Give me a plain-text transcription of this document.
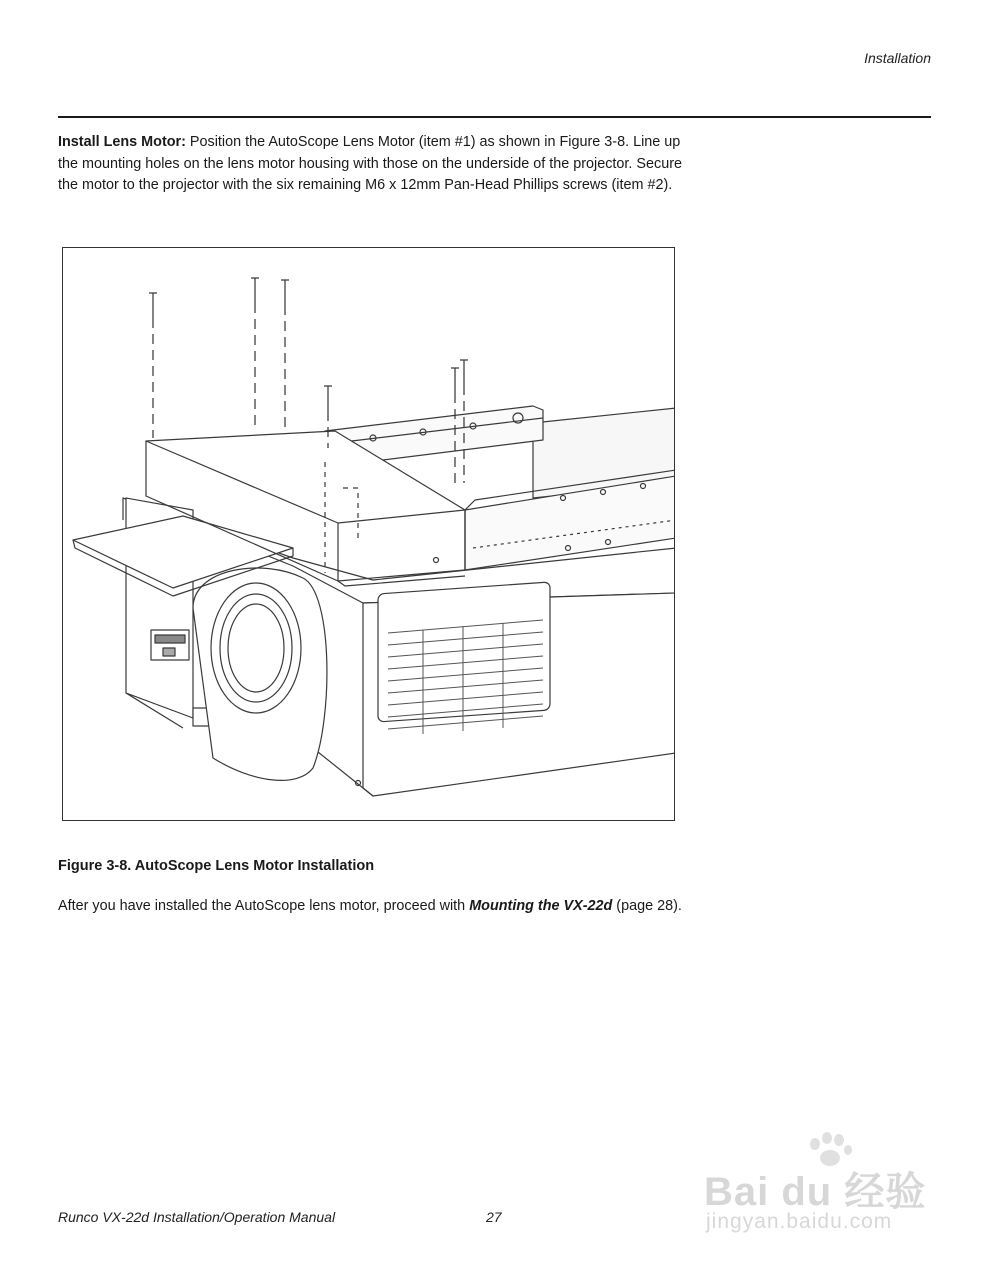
Installation

Install Lens Motor: Position the AutoScope Lens Motor (item #1) as shown in Figure 3-8. Line up the mounting holes on the lens motor housing with those on the underside of the projector. Secure the motor to the projector with the six remaining M6 x 12mm Pan-Head Phillips screws (item #2).

Figure 3-8. AutoScope Lens Motor Installation

After you have installed the AutoScope lens motor, proceed with Mounting the VX-22d (page 28).

Runco VX-22d Installation/Operation Manual	27
Bai du 经验
jingyan.baidu.com
